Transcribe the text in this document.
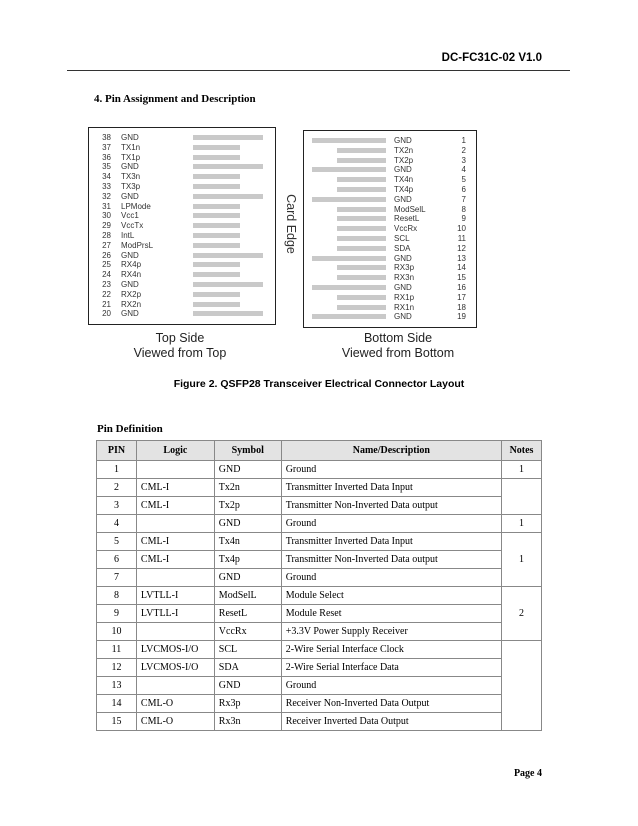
DC-FC31C-02 V1.0
4. Pin Assignment and Description
38 GND
37 TX1n
36 TX1p
35 GND
34 TX3n
33 TX3p
32 GND
31 LPMode
30 Vcc1
29 VccTx
28 IntL
27 ModPrsL
26 GND
25 RX4p
24 RX4n
23 GND
22 RX2p
21 RX2n
20 GND
GND	1
TX2n	2
TX2p	3
GND	4
TX4n	5
TX4p	6
GND	7
ModSelL	8
ResetL	9
VccRx	10
SCL	11
SDA	12
GND	13
RX3p	14
RX3n	15
GND	16
RX1p	17
RX1n	18
GND	19
Card Edge
Top Side
Viewed from Top
Bottom Side
Viewed from Bottom
Figure 2. QSFP28 Transceiver Electrical Connector Layout
Pin Definition
PIN	Logic	Symbol	Name/Description	Notes
1		GND	Ground	1
2	CML-I	Tx2n	Transmitter Inverted Data Input	
3	CML-I	Tx2p	Transmitter Non-Inverted Data output	
4		GND	Ground	1
5	CML-I	Tx4n	Transmitter Inverted Data Input	1
6	CML-I	Tx4p	Transmitter Non-Inverted Data output	
7		GND	Ground	
8	LVTLL-I	ModSelL	Module Select	2
9	LVTLL-I	ResetL	Module Reset	
10		VccRx	+3.3V Power Supply Receiver	
11	LVCMOS-I/O	SCL	2-Wire Serial Interface Clock	
12	LVCMOS-I/O	SDA	2-Wire Serial Interface Data	
13		GND	Ground	
14	CML-O	Rx3p	Receiver Non-Inverted Data Output	
15	CML-O	Rx3n	Receiver Inverted Data Output	
Page 4
